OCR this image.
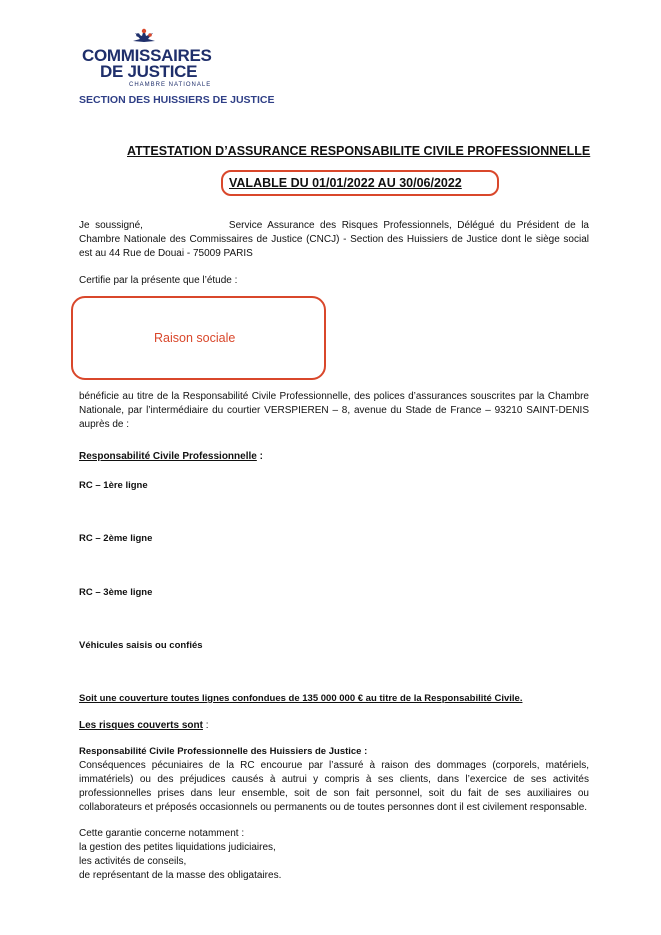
COMMISSAIRES
DE JUSTICE
CHAMBRE NATIONALE
SECTION DES HUISSIERS DE JUSTICE
ATTESTATION D’ASSURANCE RESPONSABILITE CIVILE PROFESSIONNELLE
VALABLE DU 01/01/2022 AU 30/06/2022
Je soussigné,	Service Assurance des Risques Professionnels, Délégué du Président de la Chambre Nationale des Commissaires de Justice (CNCJ) - Section des Huissiers de Justice dont le siège social est au 44 Rue de Douai - 75009 PARIS
Certifie par la présente que l’étude :
Raison sociale
bénéficie au titre de la Responsabilité Civile Professionnelle, des polices d’assurances souscrites par la Chambre Nationale, par l’intermédiaire du courtier VERSPIEREN – 8, avenue du Stade de France – 93210 SAINT-DENIS auprès de :
Responsabilité Civile Professionnelle :
RC – 1ère ligne
RC – 2ème ligne
RC – 3ème ligne
Véhicules saisis ou confiés
Soit une couverture toutes lignes confondues de 135 000 000 € au titre de la Responsabilité Civile.
Les risques couverts sont :
Responsabilité Civile Professionnelle des Huissiers de Justice :
Conséquences pécuniaires de la RC encourue par l’assuré à raison des dommages (corporels, matériels, immatériels) ou des préjudices causés à autrui y compris à ses clients, dans l’exercice de ses activités professionnelles prises dans leur ensemble, soit de son fait personnel, soit du fait de ses auxiliaires ou collaborateurs et préposés occasionnels ou permanents ou de toutes personnes dont il est civilement responsable.
Cette garantie concerne notamment :
la gestion des petites liquidations judiciaires,
les activités de conseils,
de représentant de la masse des obligataires.
